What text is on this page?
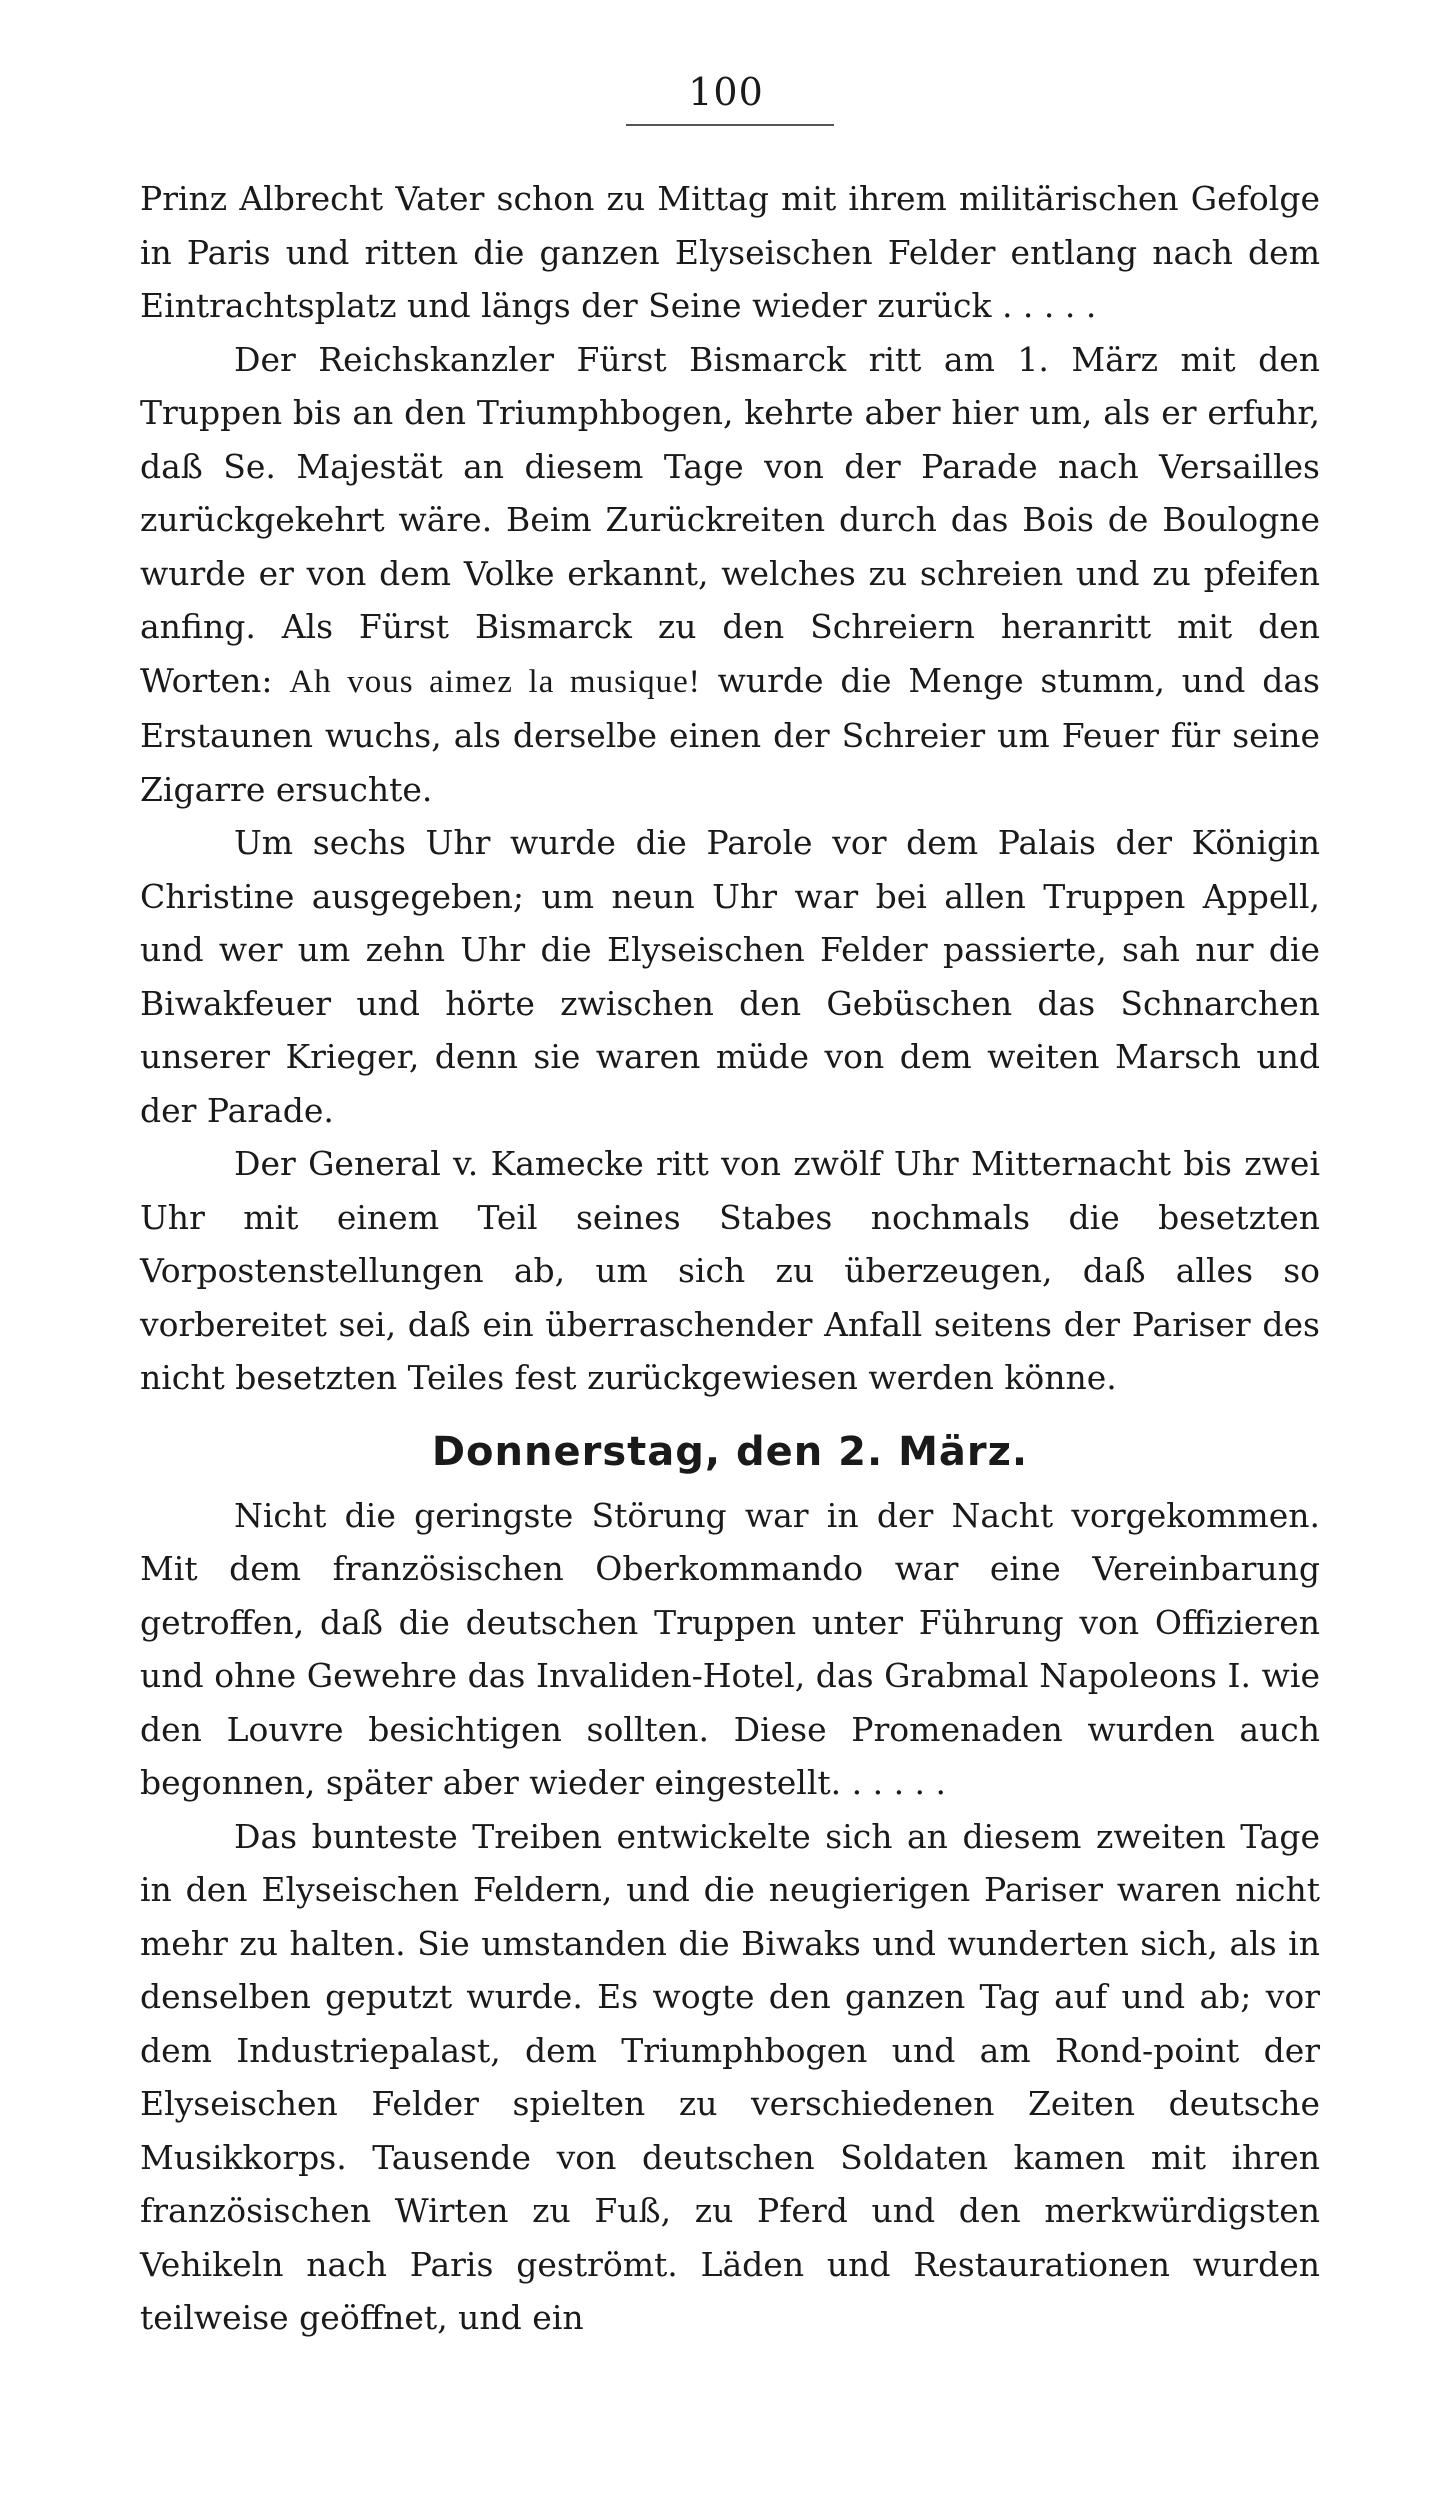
100

Prinz Albrecht Vater schon zu Mittag mit ihrem militärischen Gefolge in Paris und ritten die ganzen Elyseischen Felder entlang nach dem Eintrachtsplatz und längs der Seine wieder zurück . . . . .

Der Reichskanzler Fürst Bismarck ritt am 1. März mit den Truppen bis an den Triumphbogen, kehrte aber hier um, als er erfuhr, daß Se. Majestät an diesem Tage von der Parade nach Versailles zurückgekehrt wäre. Beim Zurückreiten durch das Bois de Boulogne wurde er von dem Volke erkannt, welches zu schreien und zu pfeifen anfing. Als Fürst Bismarck zu den Schreiern heranritt mit den Worten: Ah vous aimez la musique! wurde die Menge stumm, und das Erstaunen wuchs, als derselbe einen der Schreier um Feuer für seine Zigarre ersuchte.

Um sechs Uhr wurde die Parole vor dem Palais der Königin Christine ausgegeben; um neun Uhr war bei allen Truppen Appell, und wer um zehn Uhr die Elyseischen Felder passierte, sah nur die Biwakfeuer und hörte zwischen den Gebüschen das Schnarchen unserer Krieger, denn sie waren müde von dem weiten Marsch und der Parade.

Der General v. Kamecke ritt von zwölf Uhr Mitternacht bis zwei Uhr mit einem Teil seines Stabes nochmals die besetzten Vorpostenstellungen ab, um sich zu überzeugen, daß alles so vorbereitet sei, daß ein überraschender Anfall seitens der Pariser des nicht besetzten Teiles fest zurückgewiesen werden könne.

Donnerstag, den 2. März.

Nicht die geringste Störung war in der Nacht vorgekommen. Mit dem französischen Oberkommando war eine Vereinbarung getroffen, daß die deutschen Truppen unter Führung von Offizieren und ohne Gewehre das Invaliden-Hotel, das Grabmal Napoleons I. wie den Louvre besichtigen sollten. Diese Promenaden wurden auch begonnen, später aber wieder eingestellt. . . . . .

Das bunteste Treiben entwickelte sich an diesem zweiten Tage in den Elyseischen Feldern, und die neugierigen Pariser waren nicht mehr zu halten. Sie umstanden die Biwaks und wunderten sich, als in denselben geputzt wurde. Es wogte den ganzen Tag auf und ab; vor dem Industriepalast, dem Triumphbogen und am Rond-point der Elyseischen Felder spielten zu verschiedenen Zeiten deutsche Musikkorps. Tausende von deutschen Soldaten kamen mit ihren französischen Wirten zu Fuß, zu Pferd und den merkwürdigsten Vehikeln nach Paris geströmt. Läden und Restaurationen wurden teilweise geöffnet, und ein
